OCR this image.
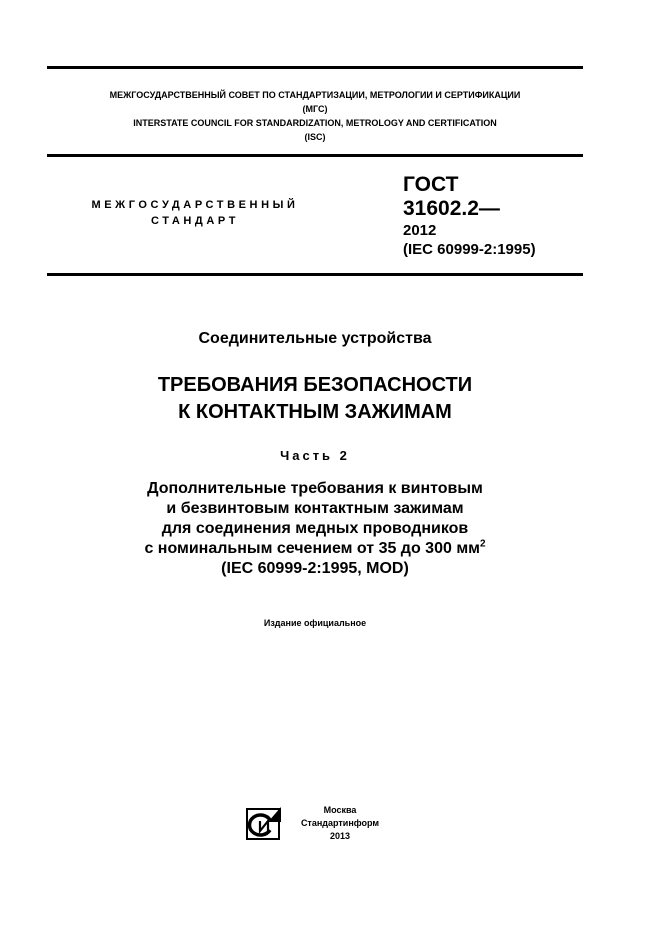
МЕЖГОСУДАРСТВЕННЫЙ СОВЕТ ПО СТАНДАРТИЗАЦИИ, МЕТРОЛОГИИ И СЕРТИФИКАЦИИ
(МГС)
INTERSTATE COUNCIL FOR STANDARDIZATION, METROLOGY AND CERTIFICATION
(ISC)
МЕЖГОСУДАРСТВЕННЫЙ
СТАНДАРТ
ГОСТ
31602.2—
2012
(IEC 60999-2:1995)
Соединительные устройства
ТРЕБОВАНИЯ БЕЗОПАСНОСТИ
К КОНТАКТНЫМ ЗАЖИМАМ
Часть 2
Дополнительные требования к винтовым
и безвинтовым контактным зажимам
для соединения медных проводников
с номинальным сечением от 35 до 300 $мм^2$
(IEC 60999-2:1995, MOD)
Издание официальное
Москва
Стандартинформ
2013
